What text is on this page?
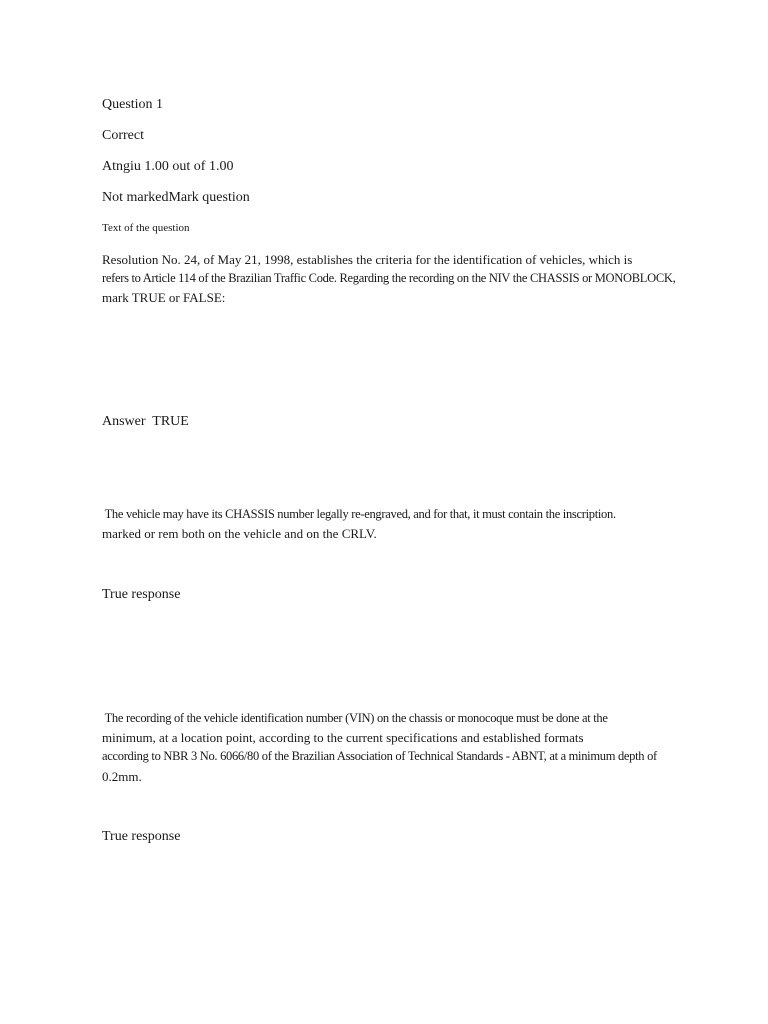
Question 1
Correct
Atngiu 1.00 out of 1.00
Not markedMark question
Text of the question
Resolution No. 24, of May 21, 1998, establishes the criteria for the identification of vehicles, which is
refers to Article 114 of the Brazilian Traffic Code. Regarding the recording on the NIV the CHASSIS or MONOBLOCK,
mark TRUE or FALSE:
Answer  TRUE
The vehicle may have its CHASSIS number legally re-engraved, and for that, it must contain the inscription.
marked or rem both on the vehicle and on the CRLV.
True response
The recording of the vehicle identification number (VIN) on the chassis or monocoque must be done at the
minimum, at a location point, according to the current specifications and established formats
according to NBR 3 No. 6066/80 of the Brazilian Association of Technical Standards - ABNT, at a minimum depth of
0.2mm.
True response
